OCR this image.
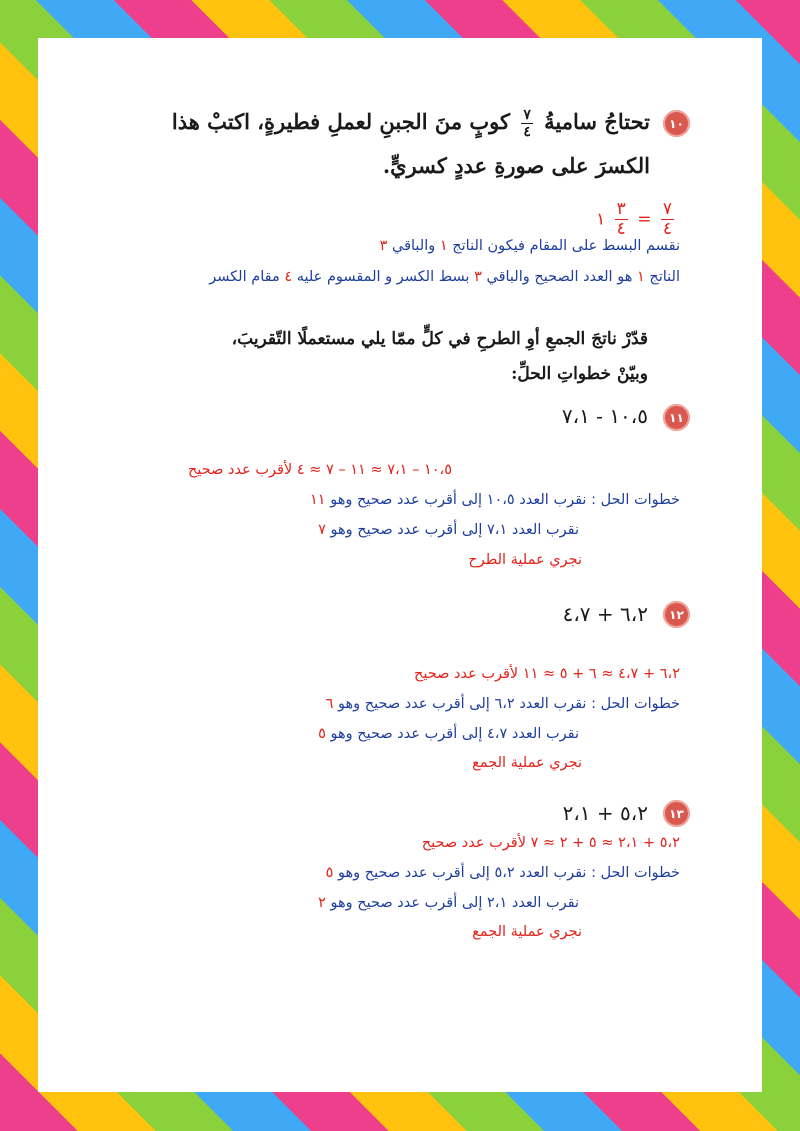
١٠
تحتاجُ ساميةُ
$\frac{٧}{٤}$
كوبٍ منَ الجبنِ لعملِ فطيرةٍ، اكتبْ هذا
الكسرَ على صورةِ عددٍ كسريٍّ.
١ $\frac{٣}{٤} = \frac{٧}{٤}$
نقسم البسط على المقام فيكون الناتج ١ والباقي ٣
الناتج ١ هو العدد الصحيح والباقي ٣ بسط الكسر و المقسوم عليه ٤ مقام الكسر
قدّرْ ناتجَ الجمعِ أوِ الطرحِ في كلٍّ ممّا يلي مستعملًا التّقريبَ،
وبيّنْ خطواتِ الحلِّ:
١١
١٠،٥ - ٧،١
١٠،٥ – ٧،١ ≈ ١١ – ٧ ≈ ٤ لأقرب عدد صحيح
خطوات الحل : نقرب العدد ١٠،٥ إلى أقرب عدد صحيح وهو ١١
نقرب العدد ٧،١ إلى أقرب عدد صحيح وهو ٧
نجري عملية الطرح
١٢
٦،٢ + ٤،٧
٦،٢ + ٤،٧ ≈ ٦ + ٥ ≈ ١١ لأقرب عدد صحيح
خطوات الحل : نقرب العدد ٦،٢ إلى أقرب عدد صحيح وهو ٦
نقرب العدد ٤،٧ إلى أقرب عدد صحيح وهو ٥
نجري عملية الجمع
١٣
٥،٢ + ٢،١
٥،٢ + ٢،١ ≈ ٥ + ٢ ≈ ٧ لأقرب عدد صحيح
خطوات الحل : نقرب العدد ٥،٢ إلى أقرب عدد صحيح وهو ٥
نقرب العدد ٢،١ إلى أقرب عدد صحيح وهو ٢
نجري عملية الجمع
